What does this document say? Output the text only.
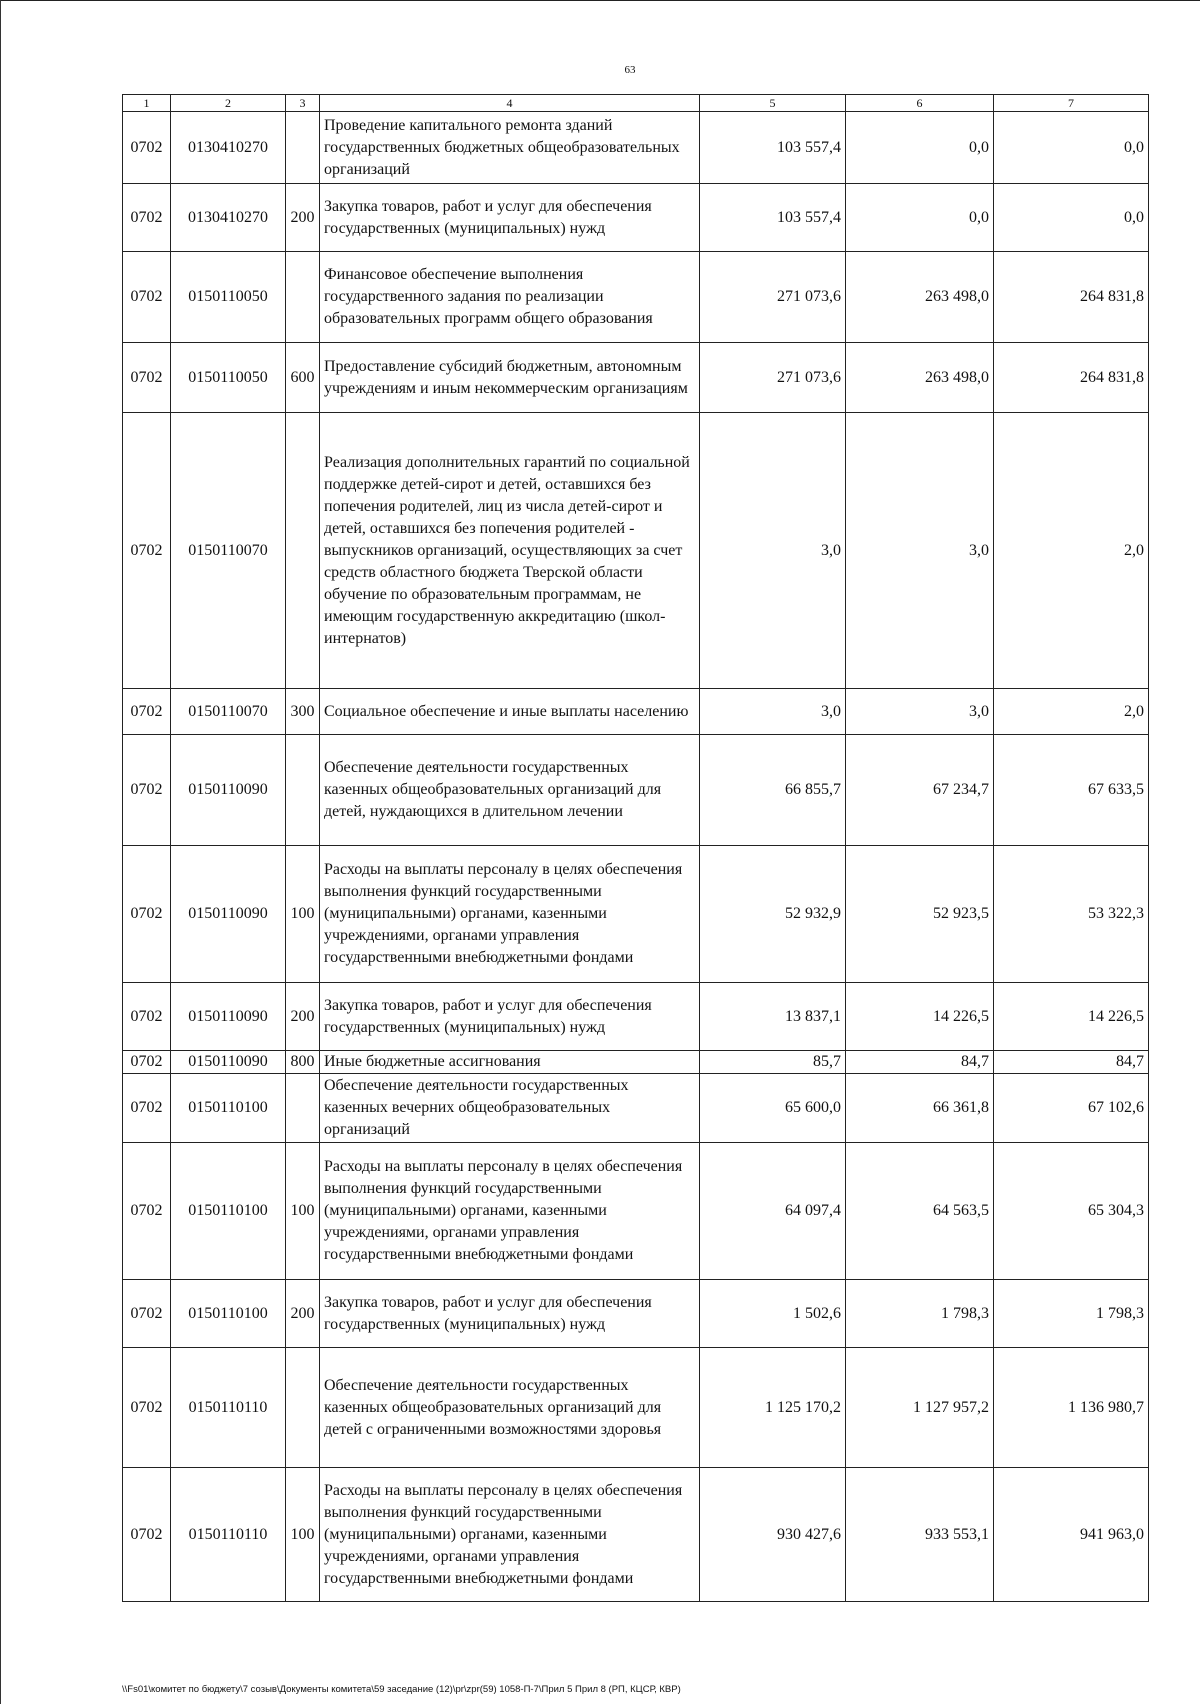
63
1	2	3	4	5	6	7
0702	0130410270		Проведение капитального ремонта зданий государственных бюджетных общеобразовательных организаций	103 557,4	0,0	0,0
0702	0130410270	200	Закупка товаров, работ и услуг для обеспечения государственных (муниципальных) нужд	103 557,4	0,0	0,0
0702	0150110050		Финансовое обеспечение выполнения государственного задания по реализации образовательных программ общего образования	271 073,6	263 498,0	264 831,8
0702	0150110050	600	Предоставление субсидий бюджетным, автономным учреждениям и иным некоммерческим организациям	271 073,6	263 498,0	264 831,8
0702	0150110070		Реализация дополнительных гарантий по социальной поддержке детей-сирот и детей, оставшихся без попечения родителей, лиц из числа детей-сирот и детей, оставшихся без попечения родителей - выпускников организаций, осуществляющих за счет средств областного бюджета Тверской области обучение по образовательным программам, не имеющим государственную аккредитацию (школ-интернатов)	3,0	3,0	2,0
0702	0150110070	300	Социальное обеспечение и иные выплаты населению	3,0	3,0	2,0
0702	0150110090		Обеспечение деятельности государственных казенных общеобразовательных организаций для детей, нуждающихся в длительном лечении	66 855,7	67 234,7	67 633,5
0702	0150110090	100	Расходы на выплаты персоналу в целях обеспечения выполнения функций государственными (муниципальными) органами, казенными учреждениями, органами управления государственными внебюджетными фондами	52 932,9	52 923,5	53 322,3
0702	0150110090	200	Закупка товаров, работ и услуг для обеспечения государственных (муниципальных) нужд	13 837,1	14 226,5	14 226,5
0702	0150110090	800	Иные бюджетные ассигнования	85,7	84,7	84,7
0702	0150110100		Обеспечение деятельности государственных казенных вечерних общеобразовательных организаций	65 600,0	66 361,8	67 102,6
0702	0150110100	100	Расходы на выплаты персоналу в целях обеспечения выполнения функций государственными (муниципальными) органами, казенными учреждениями, органами управления государственными внебюджетными фондами	64 097,4	64 563,5	65 304,3
0702	0150110100	200	Закупка товаров, работ и услуг для обеспечения государственных (муниципальных) нужд	1 502,6	1 798,3	1 798,3
0702	0150110110		Обеспечение деятельности государственных казенных общеобразовательных организаций для детей с ограниченными возможностями здоровья	1 125 170,2	1 127 957,2	1 136 980,7
0702	0150110110	100	Расходы на выплаты персоналу в целях обеспечения выполнения функций государственными (муниципальными) органами, казенными учреждениями, органами управления государственными внебюджетными фондами	930 427,6	933 553,1	941 963,0
\\Fs01\комитет по бюджету\7 созыв\Документы комитета\59 заседание (12)\pr\zpr(59) 1058-П-7\Прил 5 Прил 8 (РП, КЦСР, КВР)
